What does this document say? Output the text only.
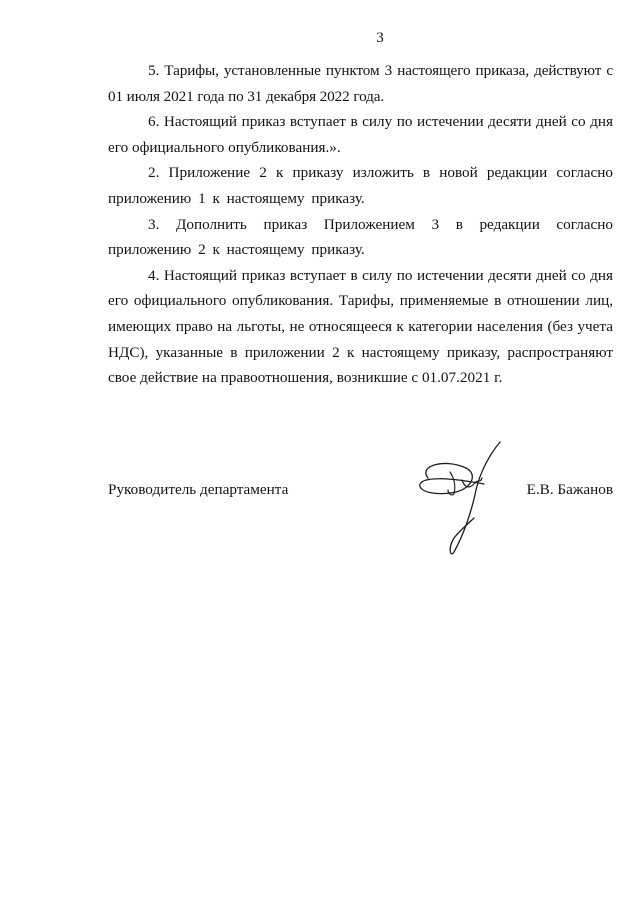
3

5. Тарифы, установленные пунктом 3 настоящего приказа, действуют с 01 июля 2021 года по 31 декабря 2022 года.

6. Настоящий приказ вступает в силу по истечении десяти дней со дня его официального опубликования.».

2. Приложение 2 к приказу изложить в новой редакции согласно приложению 1 к настоящему приказу.

3. Дополнить приказ Приложением 3 в редакции согласно приложению 2 к настоящему приказу.

4. Настоящий приказ вступает в силу по истечении десяти дней со дня его официального опубликования. Тарифы, применяемые в отношении лиц, имеющих право на льготы, не относящееся к категории населения (без учета НДС), указанные в приложении 2 к настоящему приказу, распространяют свое действие на правоотношения, возникшие с 01.07.2021 г.

Руководитель департамента	Е.В. Бажанов
